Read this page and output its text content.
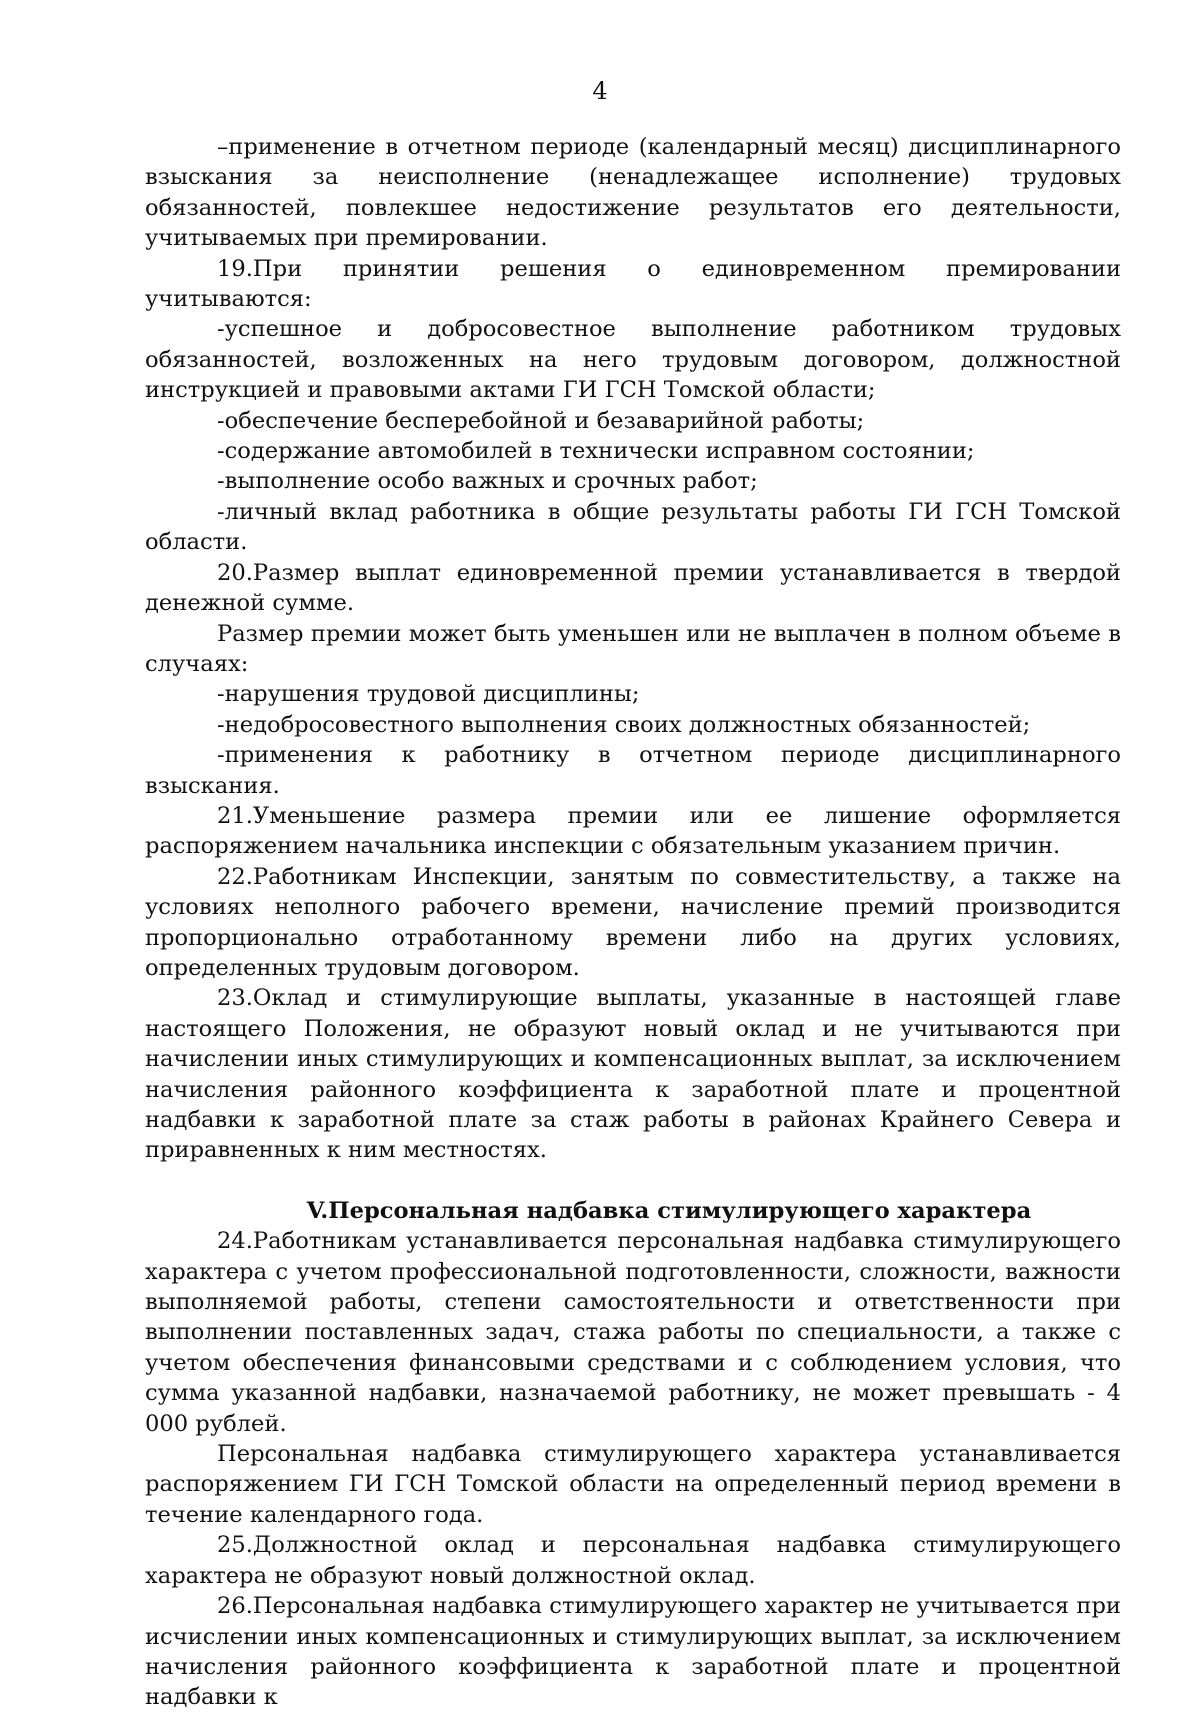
4

–применение в отчетном периоде (календарный месяц) дисциплинарного взыскания за неисполнение (ненадлежащее исполнение) трудовых обязанностей, повлекшее недостижение результатов его деятельности, учитываемых при премировании.

19.При принятии решения о единовременном премировании учитываются:

-успешное и добросовестное выполнение работником трудовых обязанностей, возложенных на него трудовым договором, должностной инструкцией и правовыми актами ГИ ГСН Томской области;

-обеспечение бесперебойной и безаварийной работы;

-содержание автомобилей в технически исправном состоянии;

-выполнение особо важных и срочных работ;

-личный вклад работника в общие результаты работы ГИ ГСН Томской области.

20.Размер выплат единовременной премии устанавливается в твердой денежной сумме.

Размер премии может быть уменьшен или не выплачен в полном объеме в случаях:

-нарушения трудовой дисциплины;

-недобросовестного выполнения своих должностных обязанностей;

-применения к работнику в отчетном периоде дисциплинарного взыскания.

21.Уменьшение размера премии или ее лишение оформляется распоряжением начальника инспекции с обязательным указанием причин.

22.Работникам Инспекции, занятым по совместительству, а также на условиях неполного рабочего времени, начисление премий производится пропорционально отработанному времени либо на других условиях, определенных трудовым договором.

23.Оклад и стимулирующие выплаты, указанные в настоящей главе настоящего Положения, не образуют новый оклад и не учитываются при начислении иных стимулирующих и компенсационных выплат, за исключением начисления районного коэффициента к заработной плате и процентной надбавки к заработной плате за стаж работы в районах Крайнего Севера и приравненных к ним местностях.

V.Персональная надбавка стимулирующего характера

24.Работникам устанавливается персональная надбавка стимулирующего характера с учетом профессиональной подготовленности, сложности, важности выполняемой работы, степени самостоятельности и ответственности при выполнении поставленных задач, стажа работы по специальности, а также с учетом обеспечения финансовыми средствами и с соблюдением условия, что сумма указанной надбавки, назначаемой работнику, не может превышать - 4 000 рублей.

Персональная надбавка стимулирующего характера устанавливается распоряжением ГИ ГСН Томской области на определенный период времени в течение календарного года.

25.Должностной оклад и персональная надбавка стимулирующего характера не образуют новый должностной оклад.

26.Персональная надбавка стимулирующего характер не учитывается при исчислении иных компенсационных и стимулирующих выплат, за исключением начисления районного коэффициента к заработной плате и процентной надбавки к
